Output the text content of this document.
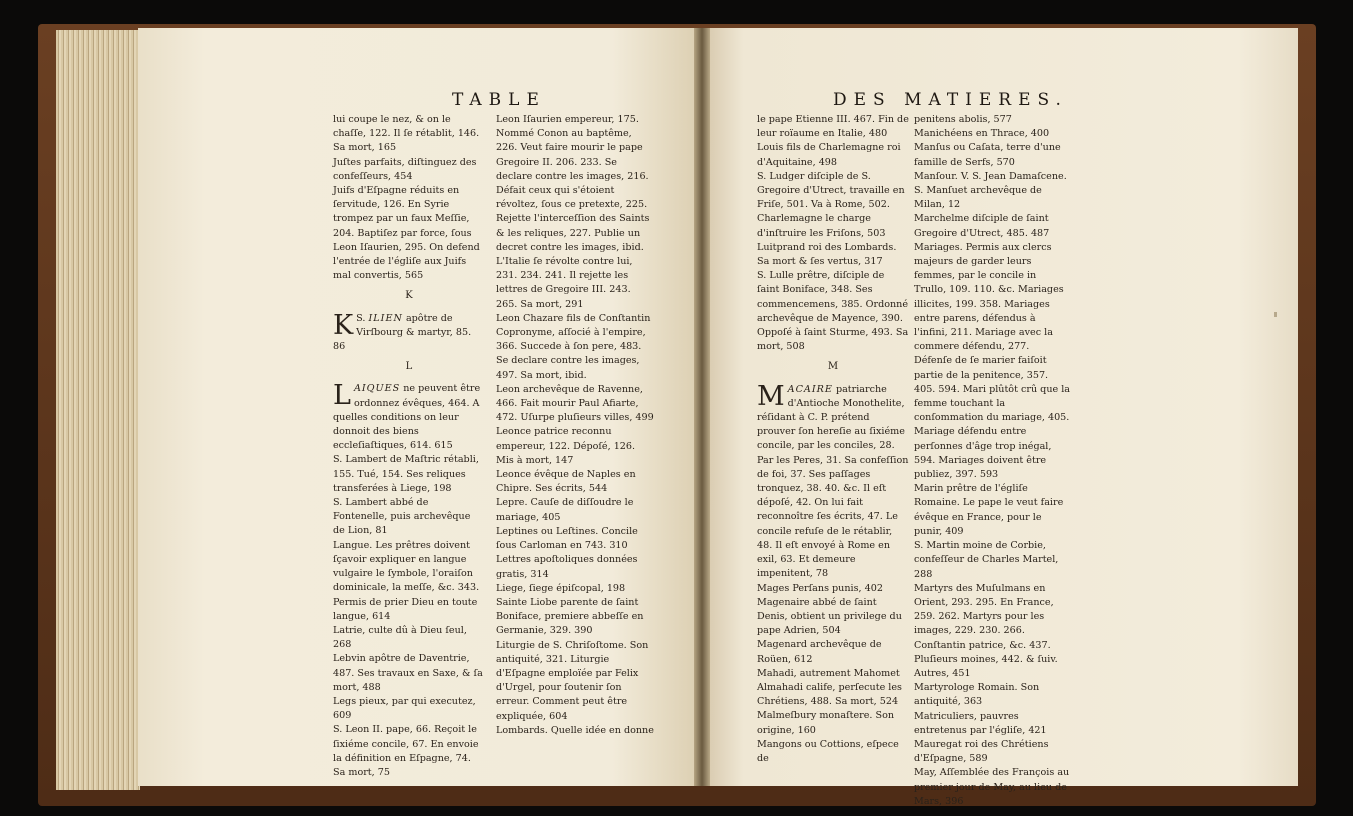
TABLE	DES MATIERES.

lui coupe le nez, & on le chaſſe, 122. Il ſe rétablit, 146. Sa mort, 165

Juſtes parfaits, diſtinguez des confeſſeurs, 454

Juifs d'Eſpagne réduits en ſervitude, 126. En Syrie trompez par un faux Meſſie, 204. Baptiſez par force, ſous Leon Iſaurien, 295. On defend l'entrée de l'égliſe aux Juifs mal convertis, 565

K

S.
K ILIEN apôtre de Virſbourg & martyr, 85. 86

L

L AIQUES ne peuvent être ordonnez évêques, 464. A quelles conditions on leur donnoit des biens eccleſiaſtiques, 614. 615

S. Lambert de Maſtric rétabli, 155. Tué, 154. Ses reliques transferées à Liege, 198

S. Lambert abbé de Fontenelle, puis archevêque de Lion, 81

Langue. Les prêtres doivent ſçavoir expliquer en langue vulgaire le ſymbole, l'oraiſon dominicale, la meſſe, &c. 343. Permis de prier Dieu en toute langue, 614

Latrie, culte dû à Dieu ſeul, 268

Lebvin apôtre de Daventrie, 487. Ses travaux en Saxe, & ſa mort, 488

Legs pieux, par qui executez, 609

S. Leon II. pape, 66. Reçoit le ſixiéme concile, 67. En envoie la définition en Eſpagne, 74. Sa mort, 75

Leon Iſaurien empereur, 175. Nommé Conon au baptême, 226. Veut faire mourir le pape Gregoire II. 206. 233. Se declare contre les images, 216. Défait ceux qui s'étoient révoltez, ſous ce pretexte, 225. Rejette l'interceſſion des Saints & les reliques, 227. Publie un decret contre les images, ibid. L'Italie ſe révolte contre lui, 231. 234. 241. Il rejette les lettres de Gregoire III. 243. 265. Sa mort, 291

Leon Chazare fils de Conſtantin Copronyme, aſſocié à l'empire, 366. Succede à ſon pere, 483. Se declare contre les images, 497. Sa mort, ibid.

Leon archevêque de Ravenne, 466. Fait mourir Paul Afiarte, 472. Uſurpe pluſieurs villes, 499

Leonce patrice reconnu empereur, 122. Dépoſé, 126. Mis à mort, 147

Leonce évêque de Naples en Chipre. Ses écrits, 544

Lepre. Cauſe de diſſoudre le mariage, 405

Leptines ou Leſtines. Concile ſous Carloman en 743. 310

Lettres apoſtoliques données gratis, 314

Liege, ſiege épiſcopal, 198

Sainte Liobe parente de ſaint Boniface, premiere abbeſſe en Germanie, 329. 390

Liturgie de S. Chriſoſtome. Son antiquité, 321. Liturgie d'Eſpagne emploïée par Felix d'Urgel, pour ſoutenir ſon erreur. Comment peut être expliquée, 604

Lombards. Quelle idée en donne

le pape Etienne III. 467. Fin de leur roïaume en Italie, 480

Louis fils de Charlemagne roi d'Aquitaine, 498

S. Ludger diſciple de S. Gregoire d'Utrect, travaille en Friſe, 501. Va à Rome, 502. Charlemagne le charge d'inſtruire les Friſons, 503

Luitprand roi des Lombards. Sa mort & ſes vertus, 317

S. Lulle prêtre, diſciple de ſaint Boniface, 348. Ses commencemens, 385. Ordonné archevêque de Mayence, 390. Oppoſé à ſaint Sturme, 493. Sa mort, 508

M

M ACAIRE patriarche d'Antioche Monothelite, réſidant à C. P. prétend prouver ſon hereſie au ſixiéme concile, par les conciles, 28. Par les Peres, 31. Sa confeſſion de foi, 37. Ses paſſages tronquez, 38. 40. &c. Il eſt dépoſé, 42. On lui fait reconnoître ſes écrits, 47. Le concile refuſe de le rétablir, 48. Il eſt envoyé à Rome en exil, 63. Et demeure impenitent, 78

Mages Perſans punis, 402

Magenaire abbé de ſaint Denis, obtient un privilege du pape Adrien, 504

Magenard archevêque de Roüen, 612

Mahadi, autrement Mahomet Almahadi calife, perſecute les Chrétiens, 488. Sa mort, 524

Malmeſbury monaſtere. Son origine, 160

Mangons ou Cottions, eſpece de

penitens abolis, 577

Manichéens en Thrace, 400

Manſus ou Caſata, terre d'une famille de Serfs, 570

Manſour. V. S. Jean Damaſcene.

S. Manſuet archevêque de Milan, 12

Marchelme diſciple de ſaint Gregoire d'Utrect, 485. 487

Mariages. Permis aux clercs majeurs de garder leurs femmes, par le concile in Trullo, 109. 110. &c. Mariages illicites, 199. 358. Mariages entre parens, défendus à l'infini, 211. Mariage avec la commere défendu, 277. Défenſe de ſe marier faiſoit partie de la penitence, 357. 405. 594. Mari plûtôt crû que la femme touchant la conſommation du mariage, 405. Mariage défendu entre perſonnes d'âge trop inégal, 594. Mariages doivent être publiez, 397. 593

Marin prêtre de l'égliſe Romaine. Le pape le veut faire évêque en France, pour le punir, 409

S. Martin moine de Corbie, confeſſeur de Charles Martel, 288

Martyrs des Muſulmans en Orient, 293. 295. En France, 259. 262. Martyrs pour les images, 229. 230. 266. Conſtantin patrice, &c. 437. Pluſieurs moines, 442. & ſuiv. Autres, 451

Martyrologe Romain. Son antiquité, 363

Matriculiers, pauvres entretenus par l'égliſe, 421

Mauregat roi des Chrétiens d'Eſpagne, 589

May, Aſſemblée des François au premier jour de May, au lieu de Mars, 396
